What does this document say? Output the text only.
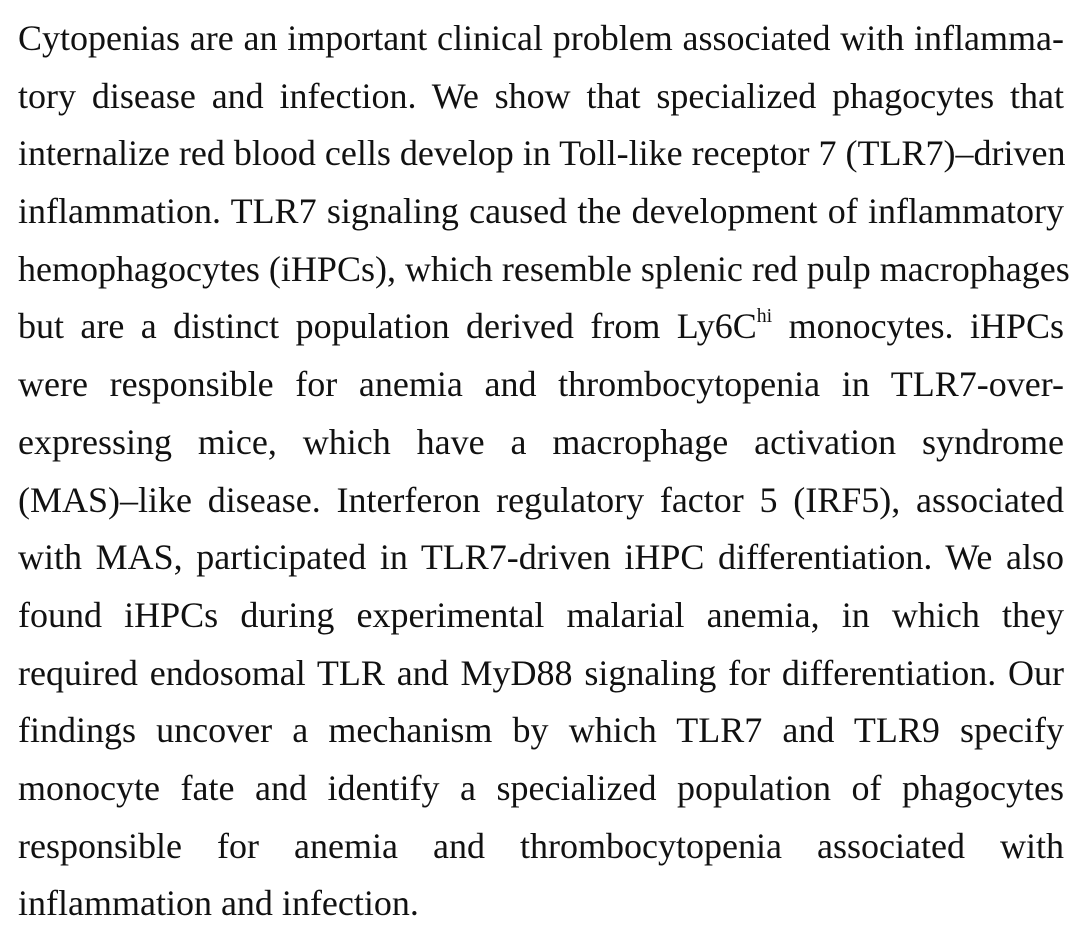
Cytopenias are an important clinical problem associated with inflamma-
tory disease and infection. We show that specialized phagocytes that
internalize red blood cells develop in Toll-like receptor 7 (TLR7)–driven
inflammation. TLR7 signaling caused the development of inflammatory
hemophagocytes (iHPCs), which resemble splenic red pulp macrophages
but are a distinct population derived from $Ly6C^{hi}$ monocytes. iHPCs
were responsible for anemia and thrombocytopenia in TLR7-over-
expressing mice, which have a macrophage activation syndrome
(MAS)–like disease. Interferon regulatory factor 5 (IRF5), associated
with MAS, participated in TLR7-driven iHPC differentiation. We also
found iHPCs during experimental malarial anemia, in which they
required endosomal TLR and MyD88 signaling for differentiation. Our
findings uncover a mechanism by which TLR7 and TLR9 specify
monocyte fate and identify a specialized population of phagocytes
responsible for anemia and thrombocytopenia associated with
inflammation and infection.
